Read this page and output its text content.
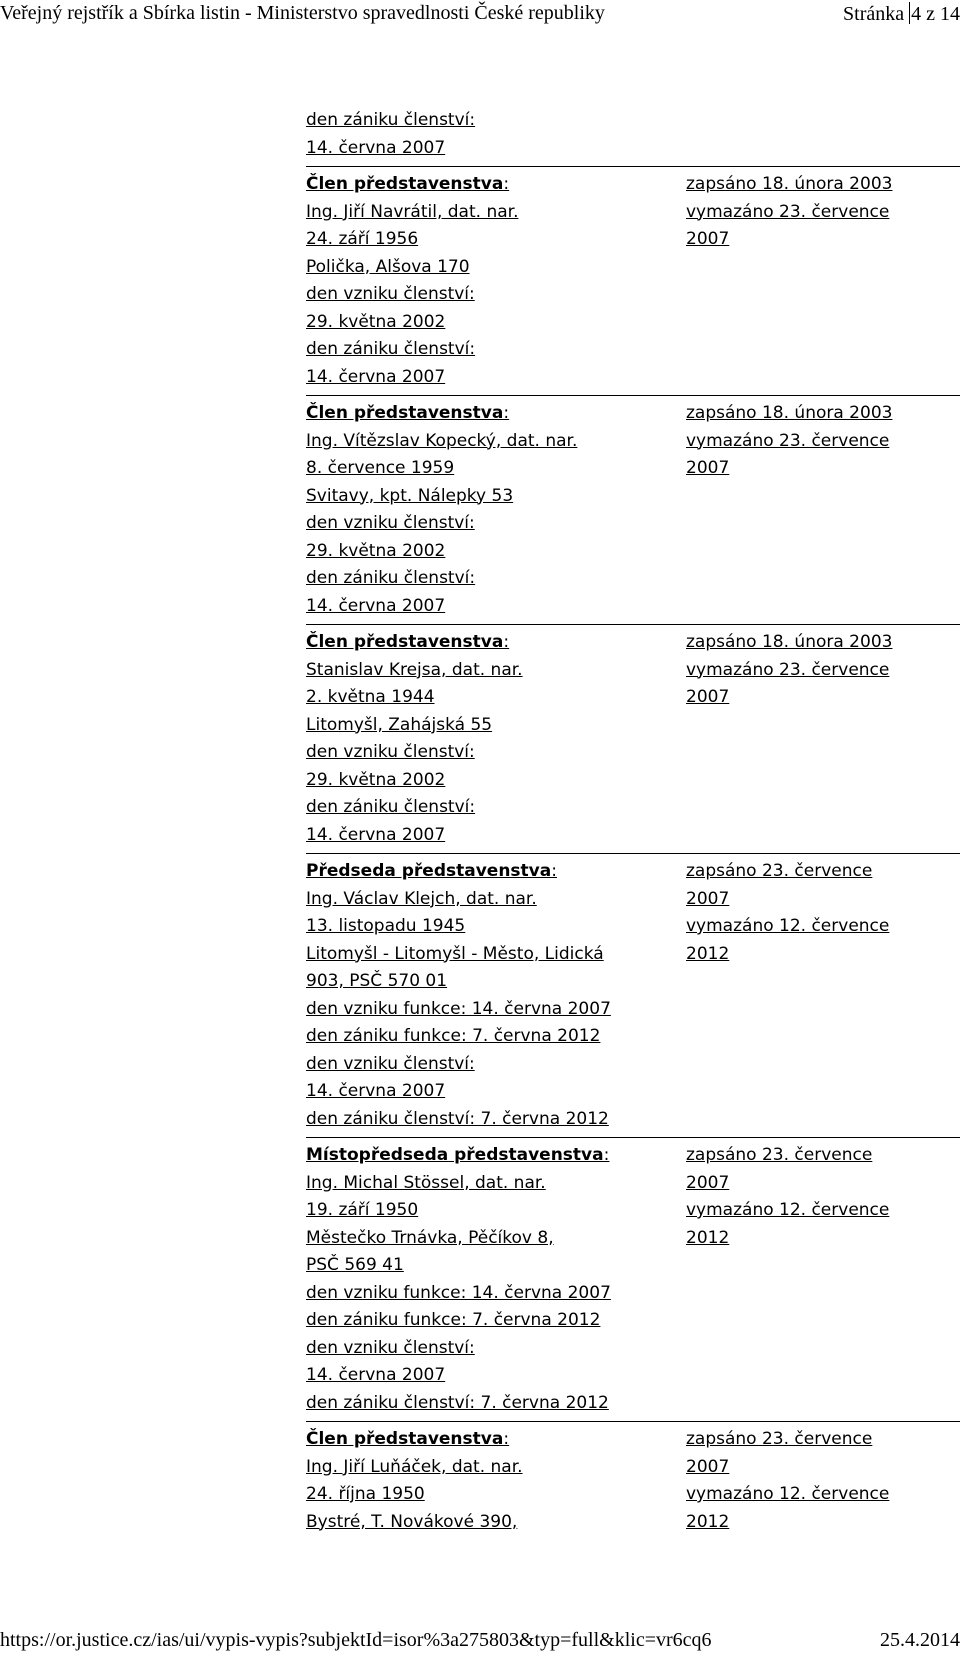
Veřejný rejstřík a Sbírka listin - Ministerstvo spravedlnosti České republiky	Stránka 4 z 14
den zániku členství:
14. června 2007
Člen představenstva:
Ing. Jiří Navrátil, dat. nar.
24. září 1956
Polička, Alšova 170
den vzniku členství:
29. května 2002
den zániku členství:
14. června 2007
zapsáno 18. února 2003
vymazáno 23. července
2007
Člen představenstva:
Ing. Vítězslav Kopecký, dat. nar.
8. července 1959
Svitavy, kpt. Nálepky 53
den vzniku členství:
29. května 2002
den zániku členství:
14. června 2007
zapsáno 18. února 2003
vymazáno 23. července
2007
Člen představenstva:
Stanislav Krejsa, dat. nar.
2. května 1944
Litomyšl, Zahájská 55
den vzniku členství:
29. května 2002
den zániku členství:
14. června 2007
zapsáno 18. února 2003
vymazáno 23. července
2007
Předseda představenstva:
Ing. Václav Klejch, dat. nar.
13. listopadu 1945
Litomyšl - Litomyšl - Město, Lidická
903, PSČ 570 01
den vzniku funkce: 14. června 2007
den zániku funkce: 7. června 2012
den vzniku členství:
14. června 2007
den zániku členství: 7. června 2012
zapsáno 23. července
2007
vymazáno 12. července
2012
Místopředseda představenstva:
Ing. Michal Stössel, dat. nar.
19. září 1950
Městečko Trnávka, Pěčíkov 8,
PSČ 569 41
den vzniku funkce: 14. června 2007
den zániku funkce: 7. června 2012
den vzniku členství:
14. června 2007
den zániku členství: 7. června 2012
zapsáno 23. července
2007
vymazáno 12. července
2012
Člen představenstva:
Ing. Jiří Luňáček, dat. nar.
24. října 1950
Bystré, T. Novákové 390,
zapsáno 23. července
2007
vymazáno 12. července
2012
https://or.justice.cz/ias/ui/vypis-vypis?subjektId=isor%3a275803&typ=full&klic=vr6cq6	25.4.2014
